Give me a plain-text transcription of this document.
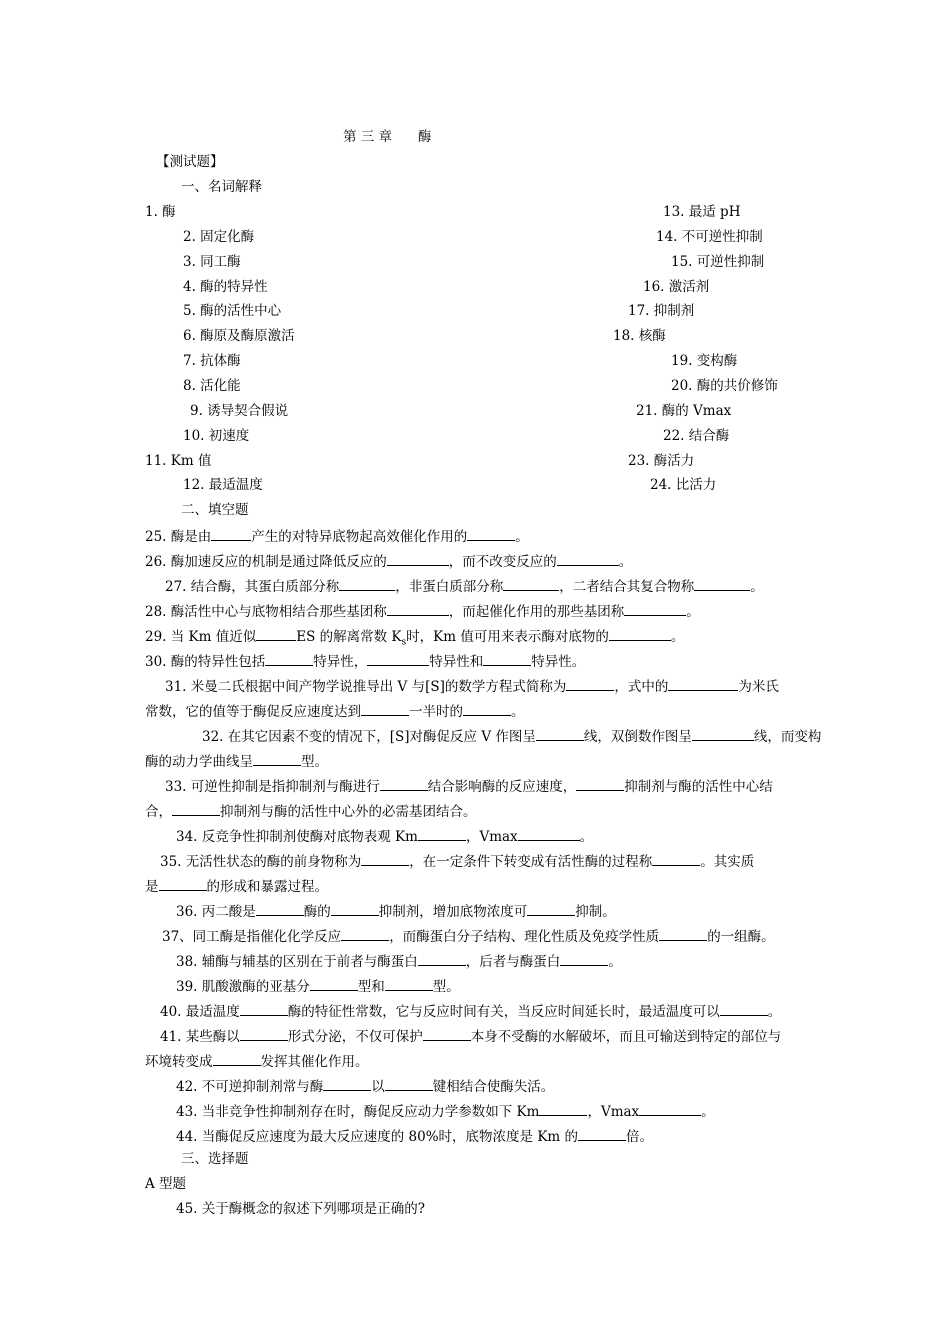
第 三 章      酶
【测试题】
一、名词解释
1. 酶
2. 固定化酶
3. 同工酶
4. 酶的特异性
5. 酶的活性中心
6. 酶原及酶原激活
7. 抗体酶
8. 活化能
9. 诱导契合假说
10. 初速度
11. Km 值
12. 最适温度
13. 最适 pH
14. 不可逆性抑制
15. 可逆性抑制
16. 激活剂
17. 抑制剂
18. 核酶
19. 变构酶
20. 酶的共价修饰
21. 酶的 Vmax
22. 结合酶
23. 酶活力
24. 比活力
二、填空题
25. 酶是由	产生的对特异底物起高效催化作用的	。
26. 酶加速反应的机制是通过降低反应的	，而不改变反应的	。
27. 结合酶，其蛋白质部分称	，非蛋白质部分称	，二者结合其复合物称	。
28. 酶活性中心与底物相结合那些基团称	，而起催化作用的那些基团称	。
29. 当 Km 值近似	ES 的解离常数 $K_s$时，Km 值可用来表示酶对底物的	。
30. 酶的特异性包括	特异性，	特异性和	特异性。
31. 米曼二氏根据中间产物学说推导出 V 与[S]的数学方程式简称为	，式中的	为米氏
常数，它的值等于酶促反应速度达到	一半时的	。
32. 在其它因素不变的情况下，[S]对酶促反应 V 作图呈	线，双倒数作图呈	线，而变构
酶的动力学曲线呈	型。
33. 可逆性抑制是指抑制剂与酶进行	结合影响酶的反应速度，	抑制剂与酶的活性中心结
合，	抑制剂与酶的活性中心外的必需基团结合。
34. 反竞争性抑制剂使酶对底物表观 Km	，Vmax	。
35. 无活性状态的酶的前身物称为	，在一定条件下转变成有活性酶的过程称	。其实质
是	的形成和暴露过程。
36. 丙二酸是	酶的	抑制剂，增加底物浓度可	抑制。
37、同工酶是指催化化学反应	，而酶蛋白分子结构、理化性质及免疫学性质	的一组酶。
38. 辅酶与辅基的区别在于前者与酶蛋白	，后者与酶蛋白	。
39. 肌酸激酶的亚基分	型和	型。
40. 最适温度	酶的特征性常数，它与反应时间有关，当反应时间延长时，最适温度可以	。
41. 某些酶以	形式分泌，不仅可保护	本身不受酶的水解破坏，而且可输送到特定的部位与
环境转变成	发挥其催化作用。
42. 不可逆抑制剂常与酶	以	键相结合使酶失活。
43. 当非竞争性抑制剂存在时，酶促反应动力学参数如下 Km	，Vmax	。
44. 当酶促反应速度为最大反应速度的 80%时，底物浓度是 Km 的	倍。
三、选择题
A 型题
45. 关于酶概念的叙述下列哪项是正确的?
